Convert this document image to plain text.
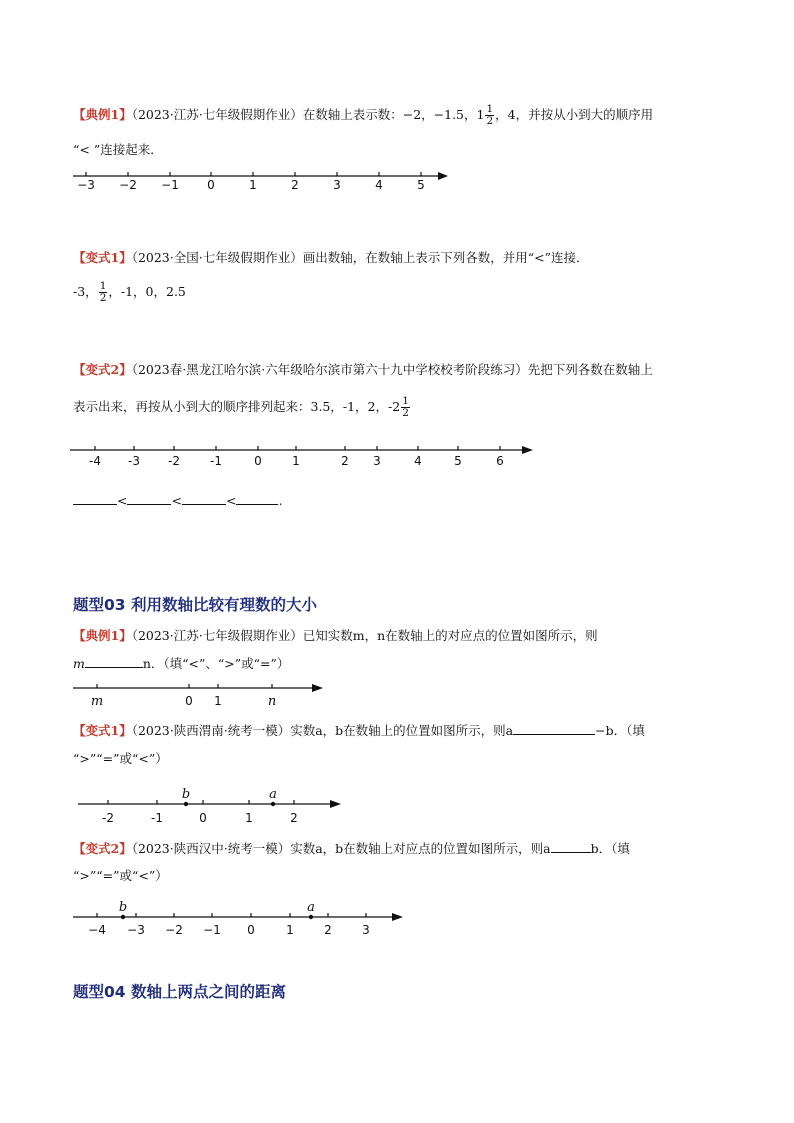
【典例1】（2023·江苏·七年级假期作业）在数轴上表示数：−2，−1.5，$1 \frac{1}{2}$ ，4，并按从小到大的顺序用
“< ”连接起来．
−3 −2 −1 0	1	2	3	4	5
【变式1】（2023·全国·七年级假期作业）画出数轴，在数轴上表示下列各数，并用“<”连接．
-3， $\frac{1}{2}$ ，-1，0，2.5
【变式2】（2023春·黑龙江哈尔滨·六年级哈尔滨市第六十九中学校校考阶段练习）先把下列各数在数轴上
表示出来，再按从小到大的顺序排列起来：3.5，-1，2，$-2 \frac{1}{2}$
-4 -3 -2	-1	0	1	2 3	4	5	6
<	<	<	.
题型03 利用数轴比较有理数的大小
【典例1】（2023·江苏·七年级假期作业）已知实数m，n在数轴上的对应点的位置如图所示，则
m	n．（填“<”、“>”或“=”）
m	0 1	n
【变式1】（2023·陕西渭南·统考一模）实数a，b在数轴上的位置如图所示，则a	−b．（填
“>”“=”或“<”）
-2	-1	0	1	2
b	a
【变式2】（2023·陕西汉中·统考一模）实数a，b在数轴上对应点的位置如图所示，则a	b．（填
“>”“=”或“<”）
−4 −3 −2 −1 0	1	2	3
b	a
题型04 数轴上两点之间的距离
